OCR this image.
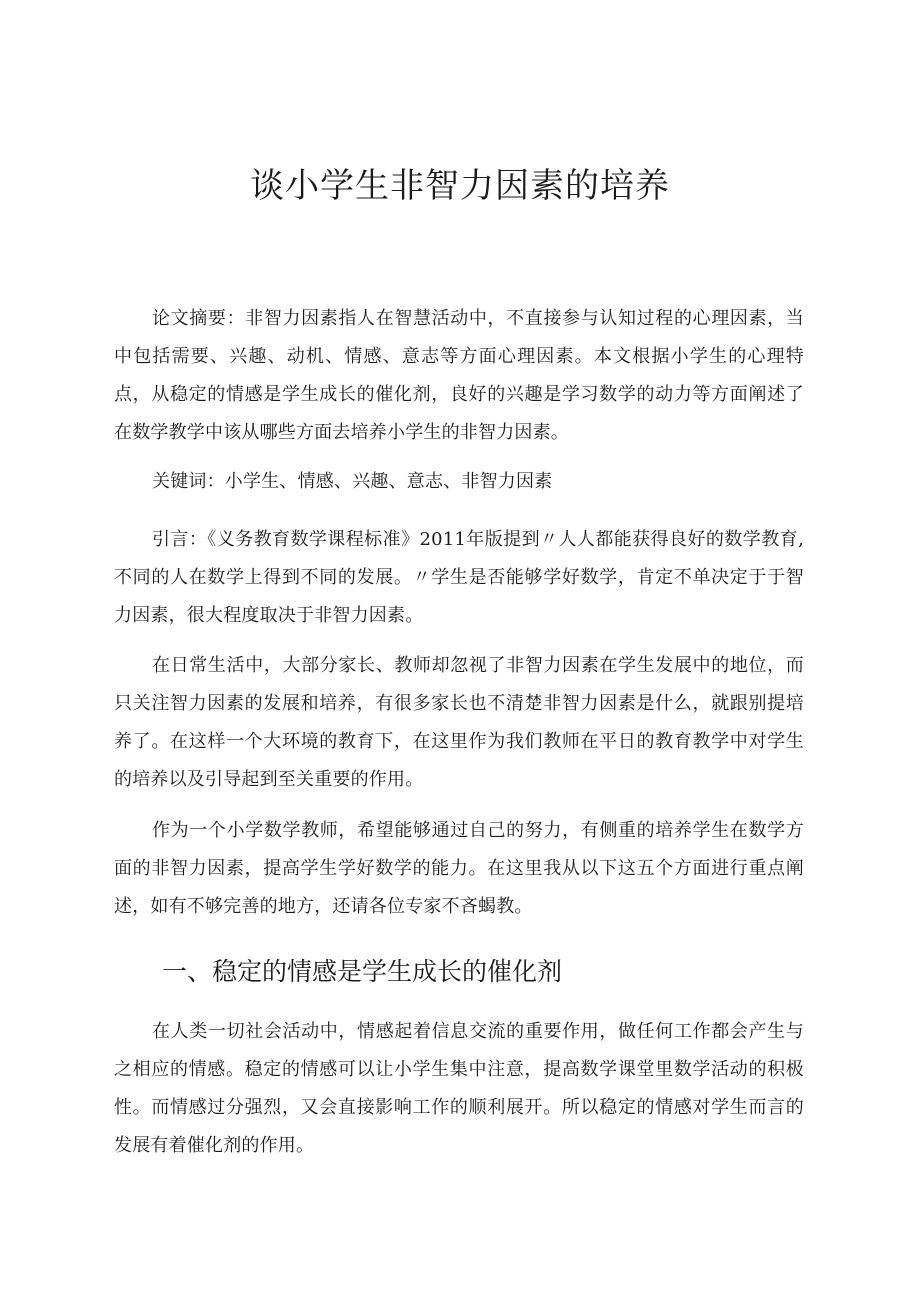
谈小学生非智力因素的培养

论文摘要：非智力因素指人在智慧活动中，不直接参与认知过程的心理因素，当中包括需要、兴趣、动机、情感、意志等方面心理因素。本文根据小学生的心理特点，从稳定的情感是学生成长的催化剂，良好的兴趣是学习数学的动力等方面阐述了在数学教学中该从哪些方面去培养小学生的非智力因素。

关键词：小学生、情感、兴趣、意志、非智力因素

引言：《义务教育数学课程标准》2011年版提到〃人人都能获得良好的数学教育,不同的人在数学上得到不同的发展。〃学生是否能够学好数学，肯定不单决定于于智力因素，很大程度取决于非智力因素。

在日常生活中，大部分家长、教师却忽视了非智力因素在学生发展中的地位，而只关注智力因素的发展和培养，有很多家长也不清楚非智力因素是什么，就跟别提培养了。在这样一个大环境的教育下，在这里作为我们教师在平日的教育教学中对学生的培养以及引导起到至关重要的作用。

作为一个小学数学教师，希望能够通过自己的努力，有侧重的培养学生在数学方面的非智力因素，提高学生学好数学的能力。在这里我从以下这五个方面进行重点阐述，如有不够完善的地方，还请各位专家不吝蝎教。

一、稳定的情感是学生成长的催化剂

在人类一切社会活动中，情感起着信息交流的重要作用，做任何工作都会产生与之相应的情感。稳定的情感可以让小学生集中注意，提高数学课堂里数学活动的积极性。而情感过分强烈，又会直接影响工作的顺利展开。所以稳定的情感对学生而言的发展有着催化剂的作用。
